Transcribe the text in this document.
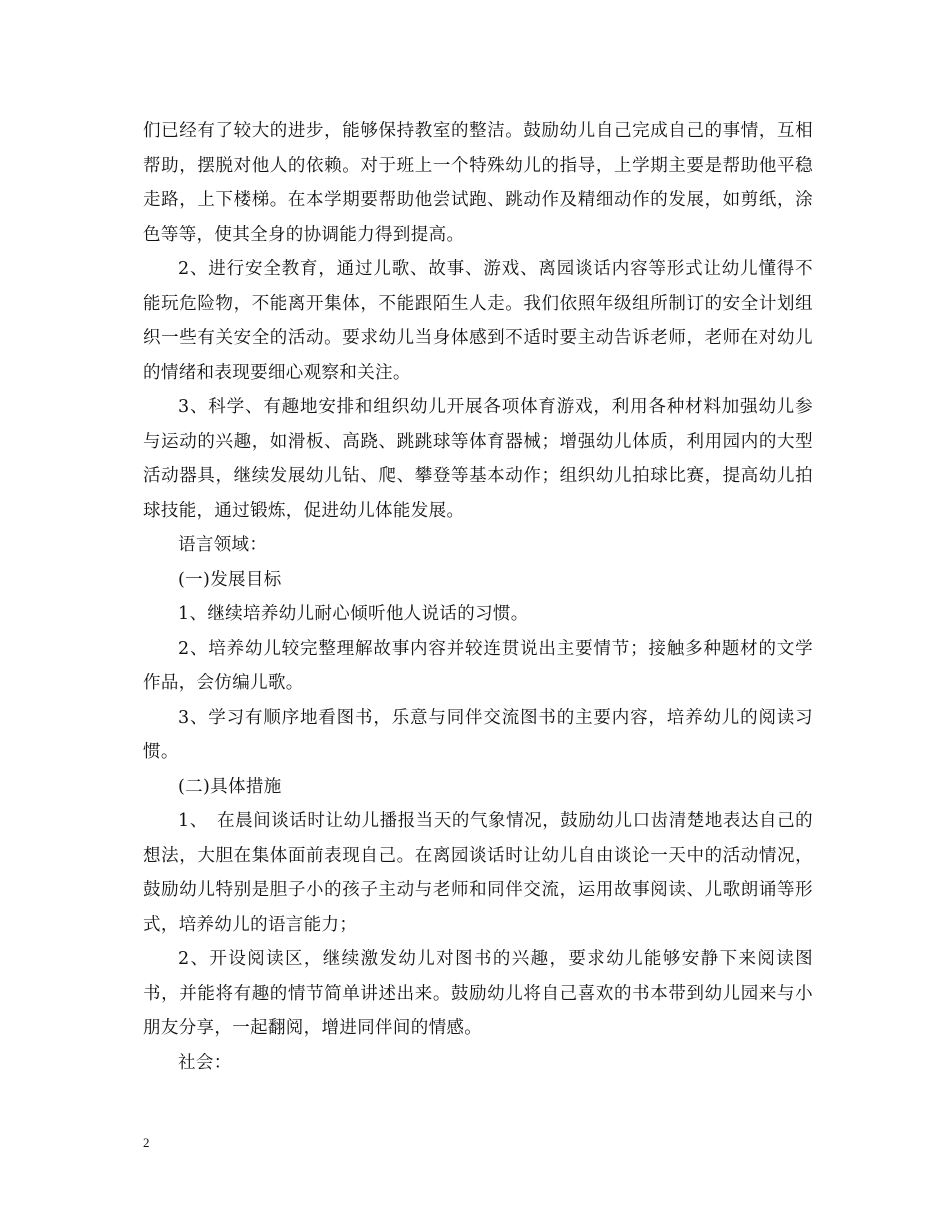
们已经有了较大的进步，能够保持教室的整洁。鼓励幼儿自己完成自己的事情，互相帮助，摆脱对他人的依赖。对于班上一个特殊幼儿的指导，上学期主要是帮助他平稳走路，上下楼梯。在本学期要帮助他尝试跑、跳动作及精细动作的发展，如剪纸，涂色等等，使其全身的协调能力得到提高。

2、进行安全教育，通过儿歌、故事、游戏、离园谈话内容等形式让幼儿懂得不能玩危险物，不能离开集体，不能跟陌生人走。我们依照年级组所制订的安全计划组织一些有关安全的活动。要求幼儿当身体感到不适时要主动告诉老师，老师在对幼儿的情绪和表现要细心观察和关注。

3、科学、有趣地安排和组织幼儿开展各项体育游戏，利用各种材料加强幼儿参与运动的兴趣，如滑板、高跷、跳跳球等体育器械；增强幼儿体质，利用园内的大型活动器具，继续发展幼儿钻、爬、攀登等基本动作；组织幼儿拍球比赛，提高幼儿拍球技能，通过锻炼，促进幼儿体能发展。

语言领域：

(一)发展目标

1、继续培养幼儿耐心倾听他人说话的习惯。

2、培养幼儿较完整理解故事内容并较连贯说出主要情节；接触多种题材的文学作品，会仿编儿歌。

3、学习有顺序地看图书，乐意与同伴交流图书的主要内容，培养幼儿的阅读习惯。

(二)具体措施

1、　在晨间谈话时让幼儿播报当天的气象情况，鼓励幼儿口齿清楚地表达自己的想法，大胆在集体面前表现自己。在离园谈话时让幼儿自由谈论一天中的活动情况，鼓励幼儿特别是胆子小的孩子主动与老师和同伴交流，运用故事阅读、儿歌朗诵等形式，培养幼儿的语言能力；

2、开设阅读区，继续激发幼儿对图书的兴趣，要求幼儿能够安静下来阅读图书，并能将有趣的情节简单讲述出来。鼓励幼儿将自己喜欢的书本带到幼儿园来与小朋友分享，一起翻阅，增进同伴间的情感。

社会：

2
